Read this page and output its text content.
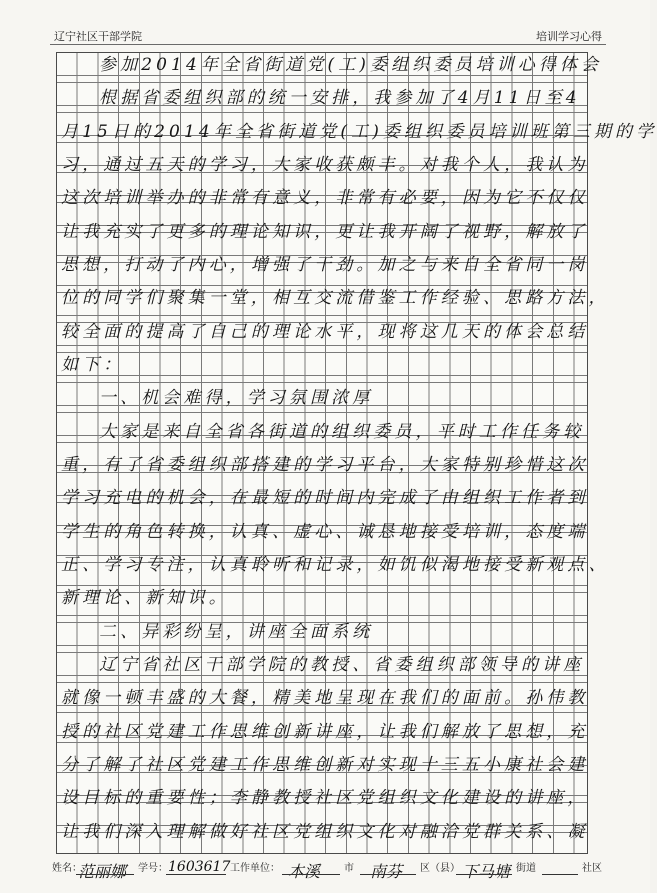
辽宁社区干部学院	培训学习心得
参加2014年全省街道党(工)委组织委员培训心得体会
根据省委组织部的统一安排，我参加了4月11日至4
月15日的2014年全省街道党(工)委组织委员培训班第三期的学
习，通过五天的学习，大家收获颇丰。对我个人，我认为
这次培训举办的非常有意义，非常有必要，因为它不仅仅
让我充实了更多的理论知识，更让我开阔了视野，解放了
思想，打动了内心，增强了干劲。加之与来自全省同一岗
位的同学们聚集一堂，相互交流借鉴工作经验、思路方法，
较全面的提高了自己的理论水平，现将这几天的体会总结
如下：
一、机会难得，学习氛围浓厚
大家是来自全省各街道的组织委员，平时工作任务较
重，有了省委组织部搭建的学习平台，大家特别珍惜这次
学习充电的机会，在最短的时间内完成了由组织工作者到
学生的角色转换，认真、虚心、诚恳地接受培训，态度端
正、学习专注，认真聆听和记录，如饥似渴地接受新观点、
新理论、新知识。
二、异彩纷呈，讲座全面系统
辽宁省社区干部学院的教授、省委组织部领导的讲座
就像一顿丰盛的大餐，精美地呈现在我们的面前。孙伟教
授的社区党建工作思维创新讲座，让我们解放了思想，充
分了解了社区党建工作思维创新对实现十三五小康社会建
设目标的重要性；李静教授社区党组织文化建设的讲座，
让我们深入理解做好社区党组织文化对融洽党群关系、凝
姓名：
范丽娜 学号： 1603617 工作单位： 本溪 市 南芬 区（县） 下马塘 街道	社区
